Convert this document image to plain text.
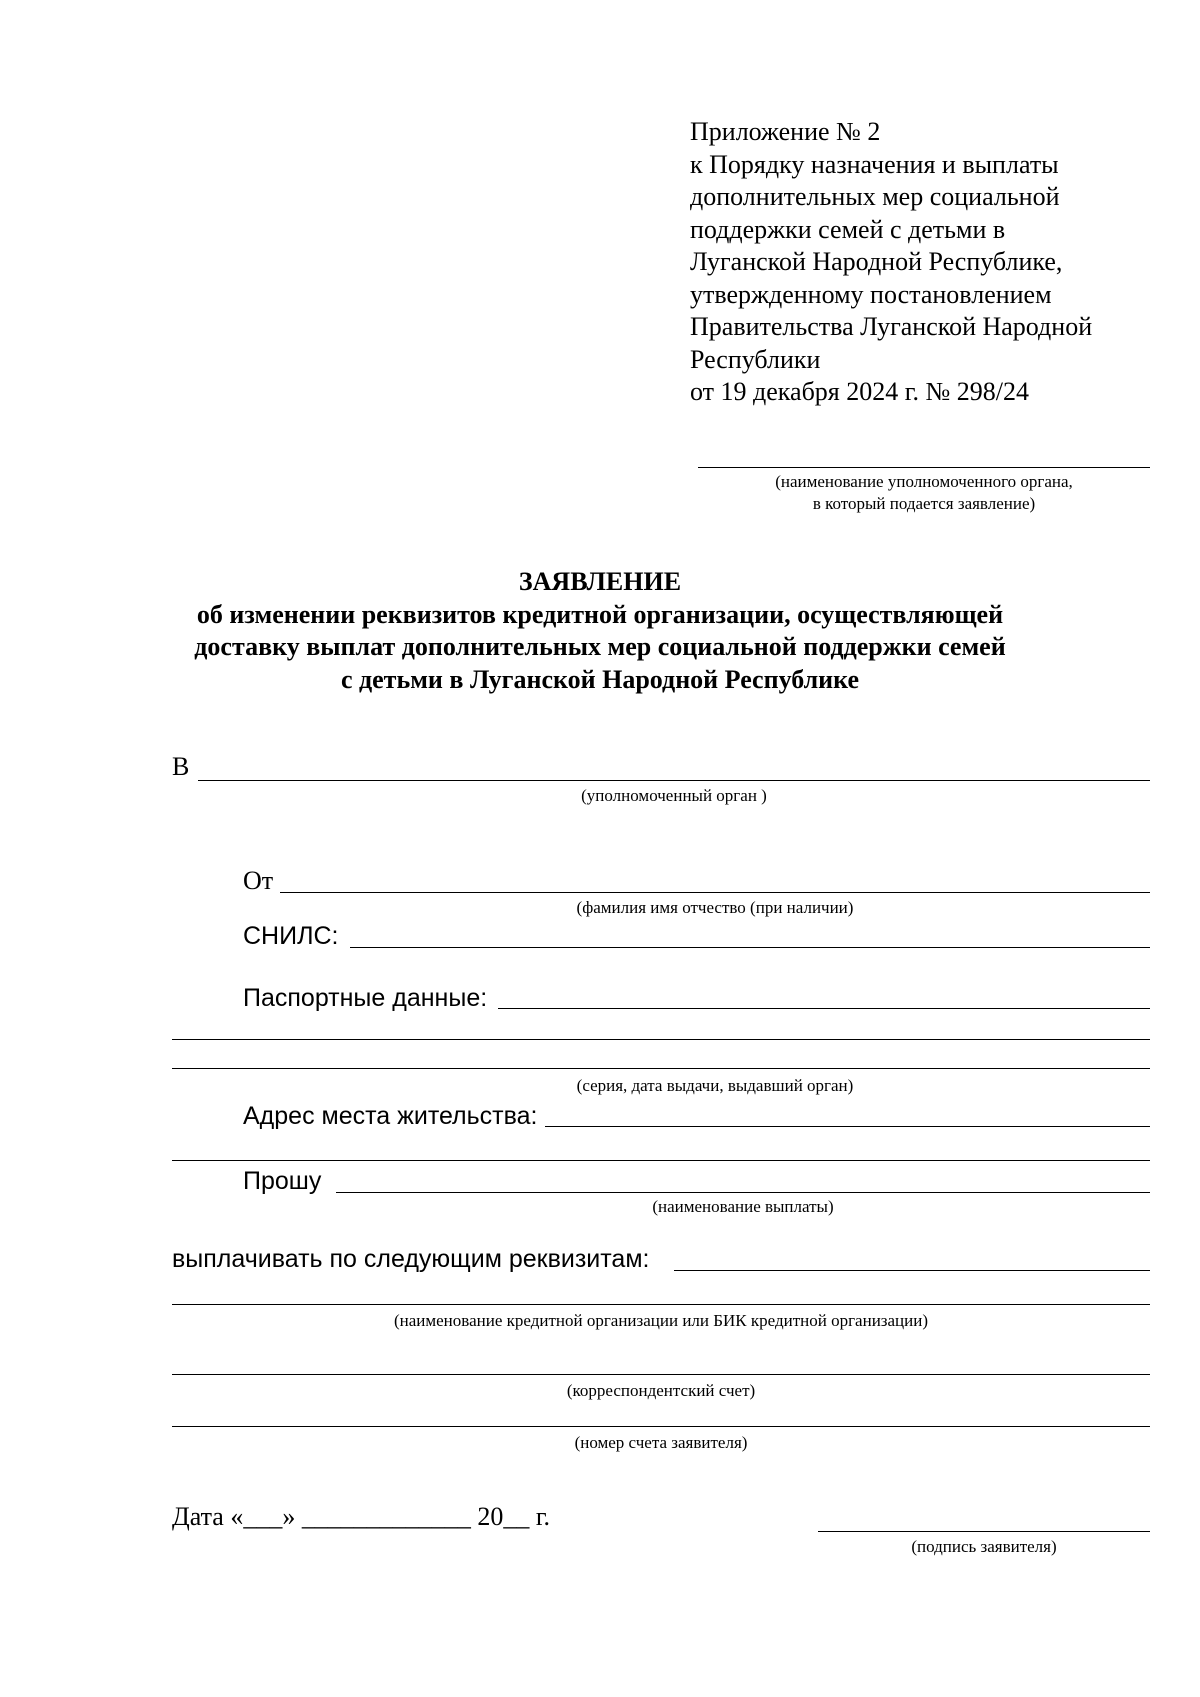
Приложение № 2
к Порядку назначения и выплаты
дополнительных мер социальной
поддержки семей с детьми в
Луганской Народной Республике,
утвержденному постановлением
Правительства Луганской Народной
Республики
от 19 декабря 2024 г. № 298/24
(наименование уполномоченного органа,
в который подается заявление)
ЗАЯВЛЕНИЕ
об изменении реквизитов кредитной организации, осуществляющей
доставку выплат дополнительных мер социальной поддержки семей
с детьми в Луганской Народной Республике
В
(уполномоченный орган )
От
(фамилия имя отчество (при наличии)
СНИЛС:
Паспортные данные:
(серия, дата выдачи, выдавший орган)
Адрес места жительства:
Прошу
(наименование выплаты)
выплачивать по следующим реквизитам:
(наименование кредитной организации или БИК кредитной организации)
(корреспондентский счет)
(номер счета заявителя)
Дата «___» _____________ 20__ г.
(подпись заявителя)
